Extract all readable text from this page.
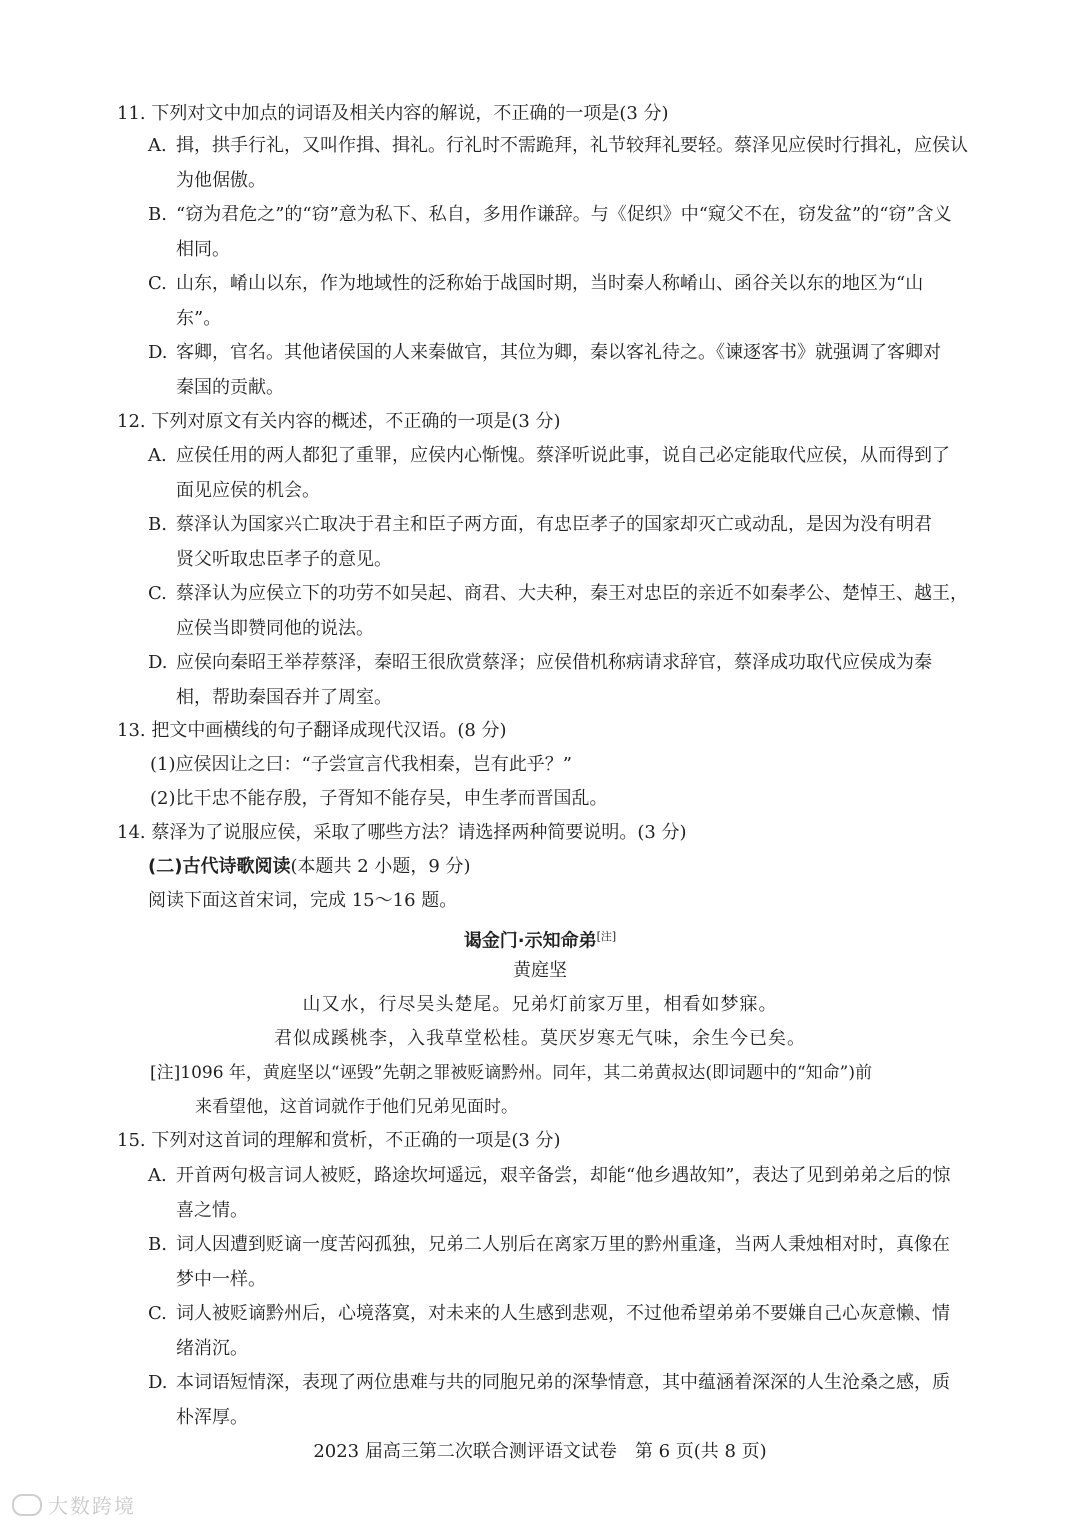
11. 下列对文中加点的词语及相关内容的解说，不正确的一项是(3 分)
A. 揖，拱手行礼，又叫作揖、揖礼。行礼时不需跪拜，礼节较拜礼要轻。蔡泽见应侯时行揖礼，应侯认
为他倨傲。
B. “窃为君危之”的“窃”意为私下、私自，多用作谦辞。与《促织》中“窥父不在，窃发盆”的“窃”含义
相同。
C. 山东，崤山以东，作为地域性的泛称始于战国时期，当时秦人称崤山、函谷关以东的地区为“山
东”。
D. 客卿，官名。其他诸侯国的人来秦做官，其位为卿，秦以客礼待之。《谏逐客书》就强调了客卿对
秦国的贡献。
12. 下列对原文有关内容的概述，不正确的一项是(3 分)
A. 应侯任用的两人都犯了重罪，应侯内心惭愧。蔡泽听说此事，说自己必定能取代应侯，从而得到了
面见应侯的机会。
B. 蔡泽认为国家兴亡取决于君主和臣子两方面，有忠臣孝子的国家却灭亡或动乱，是因为没有明君
贤父听取忠臣孝子的意见。
C. 蔡泽认为应侯立下的功劳不如吴起、商君、大夫种，秦王对忠臣的亲近不如秦孝公、楚悼王、越王，
应侯当即赞同他的说法。
D. 应侯向秦昭王举荐蔡泽，秦昭王很欣赏蔡泽；应侯借机称病请求辞官，蔡泽成功取代应侯成为秦
相，帮助秦国吞并了周室。
13. 把文中画横线的句子翻译成现代汉语。(8 分)
(1)应侯因让之曰：“子尝宣言代我相秦，岂有此乎？”
(2)比干忠不能存殷，子胥知不能存吴，申生孝而晋国乱。
14. 蔡泽为了说服应侯，采取了哪些方法？请选择两种简要说明。(3 分)
(二)古代诗歌阅读(本题共 2 小题，9 分)
阅读下面这首宋词，完成 15～16 题。
谒金门·示知命弟[注]
黄庭坚
山又水，行尽吴头楚尾。兄弟灯前家万里，相看如梦寐。
君似成蹊桃李，入我草堂松桂。莫厌岁寒无气味，余生今已矣。
[注]1096 年，黄庭坚以“诬毁”先朝之罪被贬谪黔州。同年，其二弟黄叔达(即词题中的“知命”)前
来看望他，这首词就作于他们兄弟见面时。
15. 下列对这首词的理解和赏析，不正确的一项是(3 分)
A. 开首两句极言词人被贬，路途坎坷遥远，艰辛备尝，却能“他乡遇故知”，表达了见到弟弟之后的惊
喜之情。
B. 词人因遭到贬谪一度苦闷孤独，兄弟二人别后在离家万里的黔州重逢，当两人秉烛相对时，真像在
梦中一样。
C. 词人被贬谪黔州后，心境落寞，对未来的人生感到悲观，不过他希望弟弟不要嫌自己心灰意懒、情
绪消沉。
D. 本词语短情深，表现了两位患难与共的同胞兄弟的深挚情意，其中蕴涵着深深的人生沧桑之感，质
朴浑厚。
2023 届高三第二次联合测评语文试卷　第 6 页(共 8 页)
大数跨境
